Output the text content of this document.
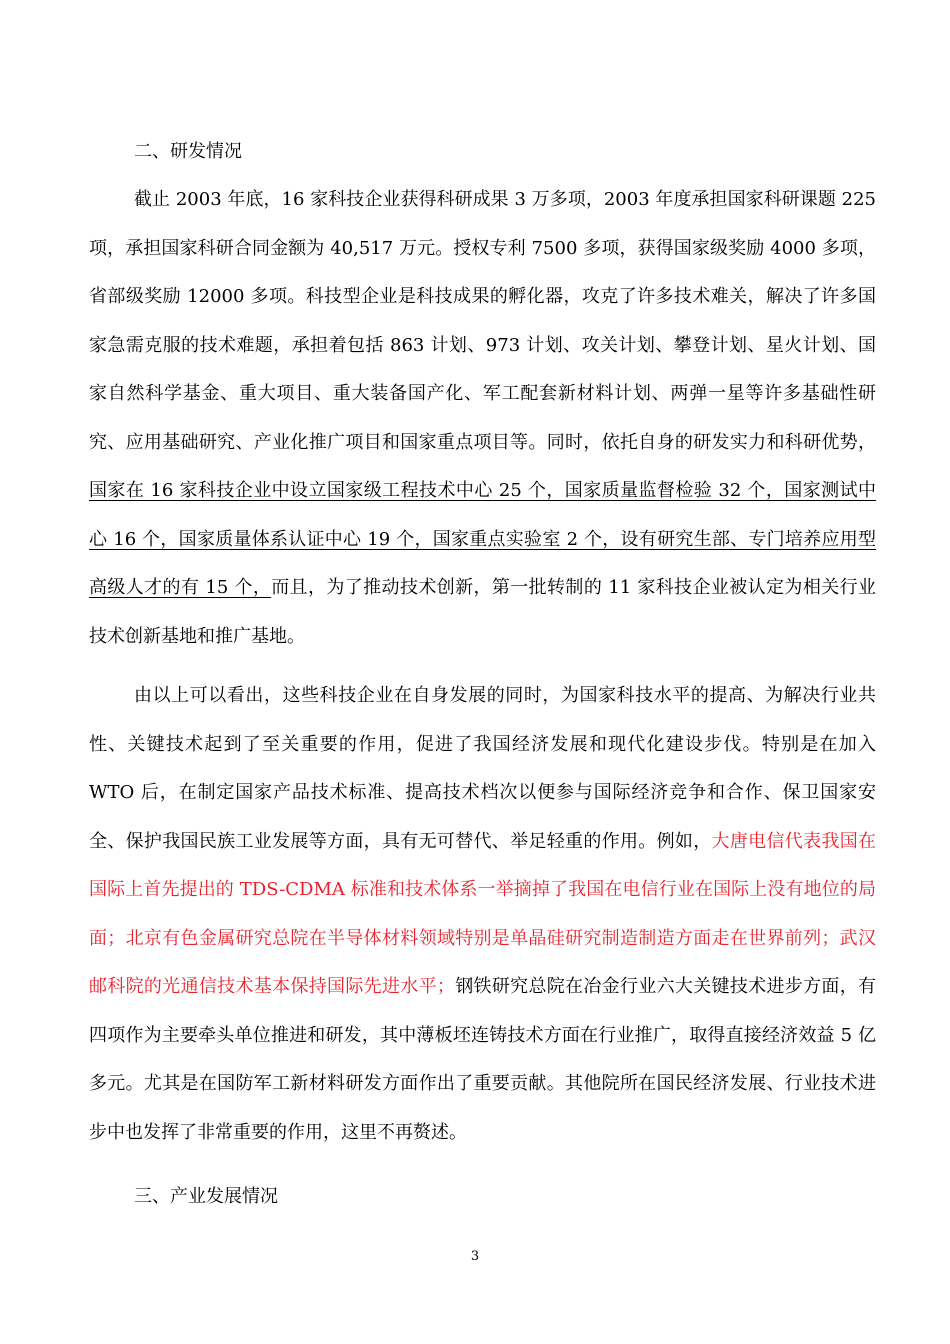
二、研发情况

截止 2003 年底，16 家科技企业获得科研成果 3 万多项，2003 年度承担国家科研课题 225 项，承担国家科研合同金额为 40,517 万元。授权专利 7500 多项，获得国家级奖励 4000 多项，省部级奖励 12000 多项。科技型企业是科技成果的孵化器，攻克了许多技术难关，解决了许多国家急需克服的技术难题，承担着包括 863 计划、973 计划、攻关计划、攀登计划、星火计划、国家自然科学基金、重大项目、重大装备国产化、军工配套新材料计划、两弹一星等许多基础性研究、应用基础研究、产业化推广项目和国家重点项目等。同时，依托自身的研发实力和科研优势，国家在 16 家科技企业中设立国家级工程技术中心 25 个，国家质量监督检验 32 个，国家测试中心 16 个，国家质量体系认证中心 19 个，国家重点实验室 2 个，设有研究生部、专门培养应用型高级人才的有 15 个，而且，为了推动技术创新，第一批转制的 11 家科技企业被认定为相关行业技术创新基地和推广基地。

由以上可以看出，这些科技企业在自身发展的同时，为国家科技水平的提高、为解决行业共性、关键技术起到了至关重要的作用，促进了我国经济发展和现代化建设步伐。特别是在加入 WTO 后，在制定国家产品技术标准、提高技术档次以便参与国际经济竞争和合作、保卫国家安全、保护我国民族工业发展等方面，具有无可替代、举足轻重的作用。例如，大唐电信代表我国在国际上首先提出的 TDS-CDMA 标准和技术体系一举摘掉了我国在电信行业在国际上没有地位的局面；北京有色金属研究总院在半导体材料领域特别是单晶硅研究制造制造方面走在世界前列；武汉邮科院的光通信技术基本保持国际先进水平；钢铁研究总院在冶金行业六大关键技术进步方面，有四项作为主要牵头单位推进和研发，其中薄板坯连铸技术方面在行业推广，取得直接经济效益 5 亿多元。尤其是在国防军工新材料研发方面作出了重要贡献。其他院所在国民经济发展、行业技术进步中也发挥了非常重要的作用，这里不再赘述。

三、产业发展情况
3
